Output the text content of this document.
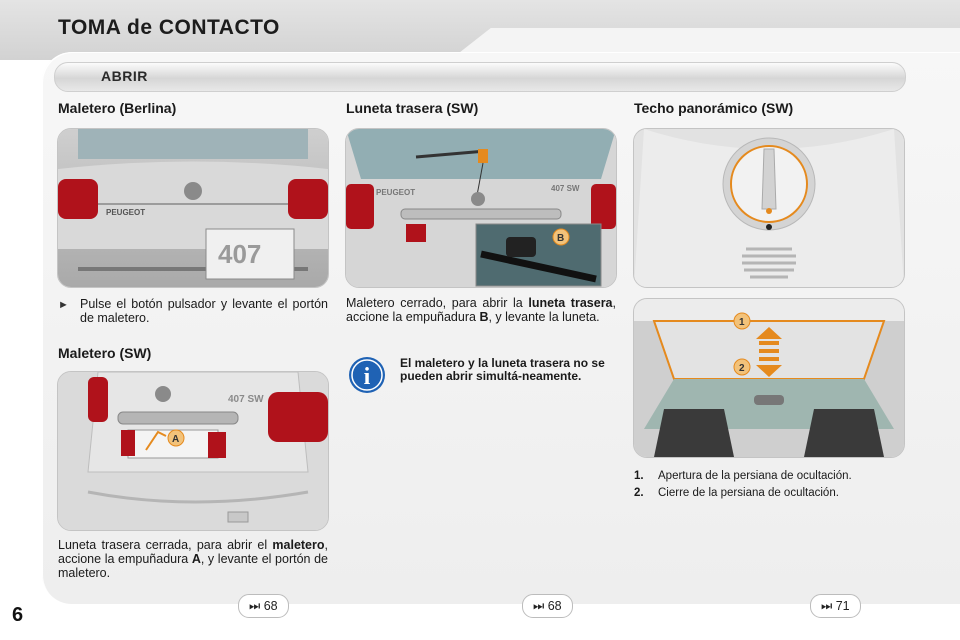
TOMA de CONTACTO
ABRIR
Maletero (Berlina)
PEUGEOT
407
► Pulse el botón pulsador y levante el portón de maletero.

Maletero (SW)
407 SW
A

Luneta trasera cerrada, para abrir el maletero, accione la empuñadura A, y levante el portón de maletero.

Luneta trasera (SW)
PEUGEOT	407 SW
B

Maletero cerrado, para abrir la luneta trasera, accione la empuñadura B, y levante la luneta.

i

El maletero y la luneta trasera no se pueden abrir simultá-neamente.

Techo panorámico (SW)
1
2
1. Apertura de la persiana de ocultación.
2. Cierre de la persiana de ocultación.
⏭ 68	⏭ 68	⏭ 71
6
